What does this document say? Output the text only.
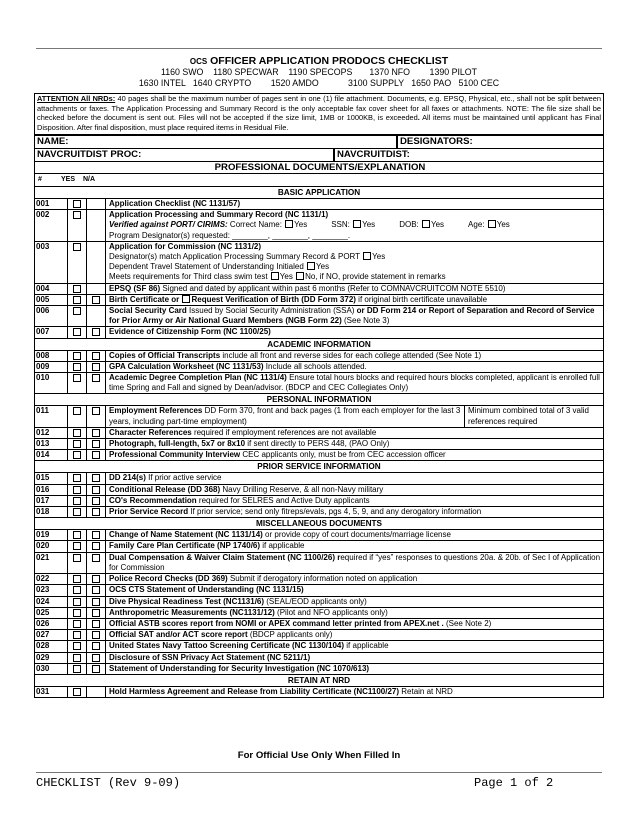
OCS OFFICER APPLICATION PRODOCS CHECKLIST
1160 SWO    1180 SPECWAR    1190 SPECOPS       1370 NFO        1390 PILOT
1630 INTEL   1640 CRYPTO        1520 AMDO            3100 SUPPLY   1650 PAO   5100 CEC
ATTENTION All NRDs: 40 pages shall be the maximum number of pages sent in one (1) file attachment. Documents, e.g. EPSQ, Physical, etc., shall not be split between attachments or faxes. The Application Processing and Summary Record is the only acceptable fax cover sheet for all faxes or attachments. NOTE: The file size shall be checked before the document is sent out. Files will not be accepted if the size limit, 1MB or 1000KB, is exceeded. All items must be maintained until applicant has Final Disposition. After final disposition, must place required items in Residual File.
NAME:	DESIGNATORS:
NAVCRUITDIST PROC:	NAVCRUITDIST:
PROFESSIONAL DOCUMENTS/EXPLANATION
#	YES N/A
BASIC APPLICATION
001	Application Checklist (NC 1131/57)
002	Application Processing and Summary Record (NC 1131/1)
Verified against PORT/ CIRIMS: Correct Name: Yes	SSN: Yes	DOB: Yes	Age: Yes
Program Designator(s) requested: ________, ________, ________.
003	Application for Commission (NC 1131/2)
Designator(s) match Application Processing Summary Record & PORT Yes
Dependent Travel Statement of Understanding Initialed Yes
Meets requirements for Third class swim test Yes No, if NO, provide statement in remarks
004	EPSQ (SF 86) Signed and dated by applicant within past 6 months (Refer to COMNAVCRUITCOM NOTE 5510)
005	Birth Certificate or Request Verification of Birth (DD Form 372) if original birth certificate unavailable
006	Social Security Card Issued by Social Security Administration (SSA) or DD Form 214 or Report of Separation and Record of Service for Prior Army or Air National Guard Members (NGB Form 22) (See Note 3)
007	Evidence of Citizenship Form (NC 1100/25)
ACADEMIC INFORMATION
008	Copies of Official Transcripts include all front and reverse sides for each college attended (See Note 1)
009	GPA Calculation Worksheet (NC 1131/53) Include all schools attended.
010	Academic Degree Completion Plan (NC 1131/4) Ensure total hours blocks and required hours blocks completed, applicant is enrolled full time Spring and Fall and signed by Dean/advisor. (BDCP and CEC Collegiates Only)
PERSONAL INFORMATION
011	Employment References DD Form 370, front and back pages (1 from each employer for the last 3 years, including part-time employment)
Minimum combined total of 3 valid references required
012	Character References required if employment references are not available
013	Photograph, full-length, 5x7 or 8x10 if sent directly to PERS 448, (PAO Only)
014	Professional Community Interview CEC applicants only, must be from CEC accession officer
PRIOR SERVICE INFORMATION
015	DD 214(s) If prior active service
016	Conditional Release (DD 368) Navy Drilling Reserve, & all non-Navy military
017	CO's Recommendation required for SELRES and Active Duty applicants
018	Prior Service Record If prior service; send only fitreps/evals, pgs 4, 5, 9, and any derogatory information
MISCELLANEOUS DOCUMENTS
019	Change of Name Statement (NC 1131/14) or provide copy of court documents/marriage license
020	Family Care Plan Certificate (NP 1740/6) if applicable
021	Dual Compensation & Waiver Claim Statement (NC 1100/26) required if “yes” responses to questions 20a. & 20b. of Sec I of Application for Commission
022	Police Record Checks (DD 369) Submit if derogatory information noted on application
023	OCS CTS Statement of Understanding (NC 1131/15)
024	Dive Physical Readiness Test (NC1131/6) (SEAL/EOD applicants only)
025	Anthropometric Measurements (NC1131/12) (Pilot and NFO applicants only)
026	Official ASTB scores report from NOMI or APEX command letter printed from APEX.net . (See Note 2)
027	Official SAT and/or ACT score report (BDCP applicants only)
028	United States Navy Tattoo Screening Certificate (NC 1130/104) if applicable
029	Disclosure of SSN Privacy Act Statement (NC 5211/1)
030	Statement of Understanding for Security Investigation (NC 1070/613)
RETAIN AT NRD
031	Hold Harmless Agreement and Release from Liability Certificate (NC1100/27) Retain at NRD
For Official Use Only When Filled In
CHECKLIST (Rev 9-09)	Page 1 of 2
